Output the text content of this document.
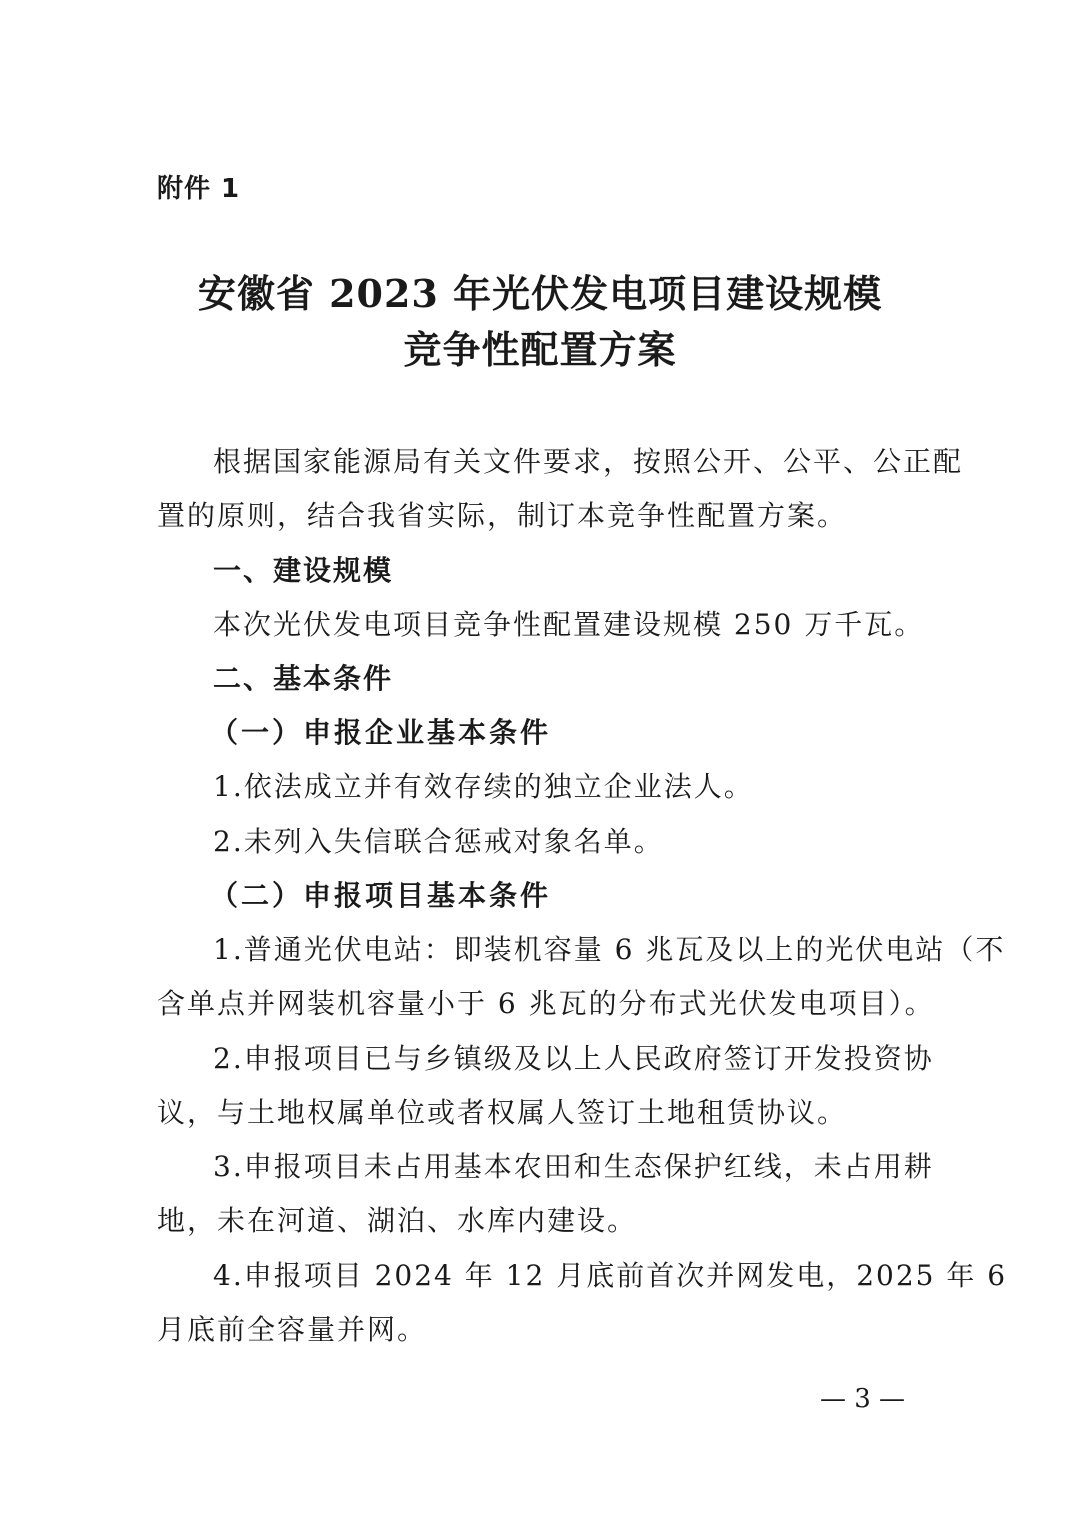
附件 1
安徽省 2023 年光伏发电项目建设规模
竞争性配置方案
根据国家能源局有关文件要求，按照公开、公平、公正配
置的原则，结合我省实际，制订本竞争性配置方案。
一、建设规模
本次光伏发电项目竞争性配置建设规模 250 万千瓦。
二、基本条件
（一）申报企业基本条件
1.依法成立并有效存续的独立企业法人。
2.未列入失信联合惩戒对象名单。
（二）申报项目基本条件
1.普通光伏电站：即装机容量 6 兆瓦及以上的光伏电站（不
含单点并网装机容量小于 6 兆瓦的分布式光伏发电项目）。
2.申报项目已与乡镇级及以上人民政府签订开发投资协
议，与土地权属单位或者权属人签订土地租赁协议。
3.申报项目未占用基本农田和生态保护红线，未占用耕
地，未在河道、湖泊、水库内建设。
4.申报项目 2024 年 12 月底前首次并网发电，2025 年 6
月底前全容量并网。
— 3 —
